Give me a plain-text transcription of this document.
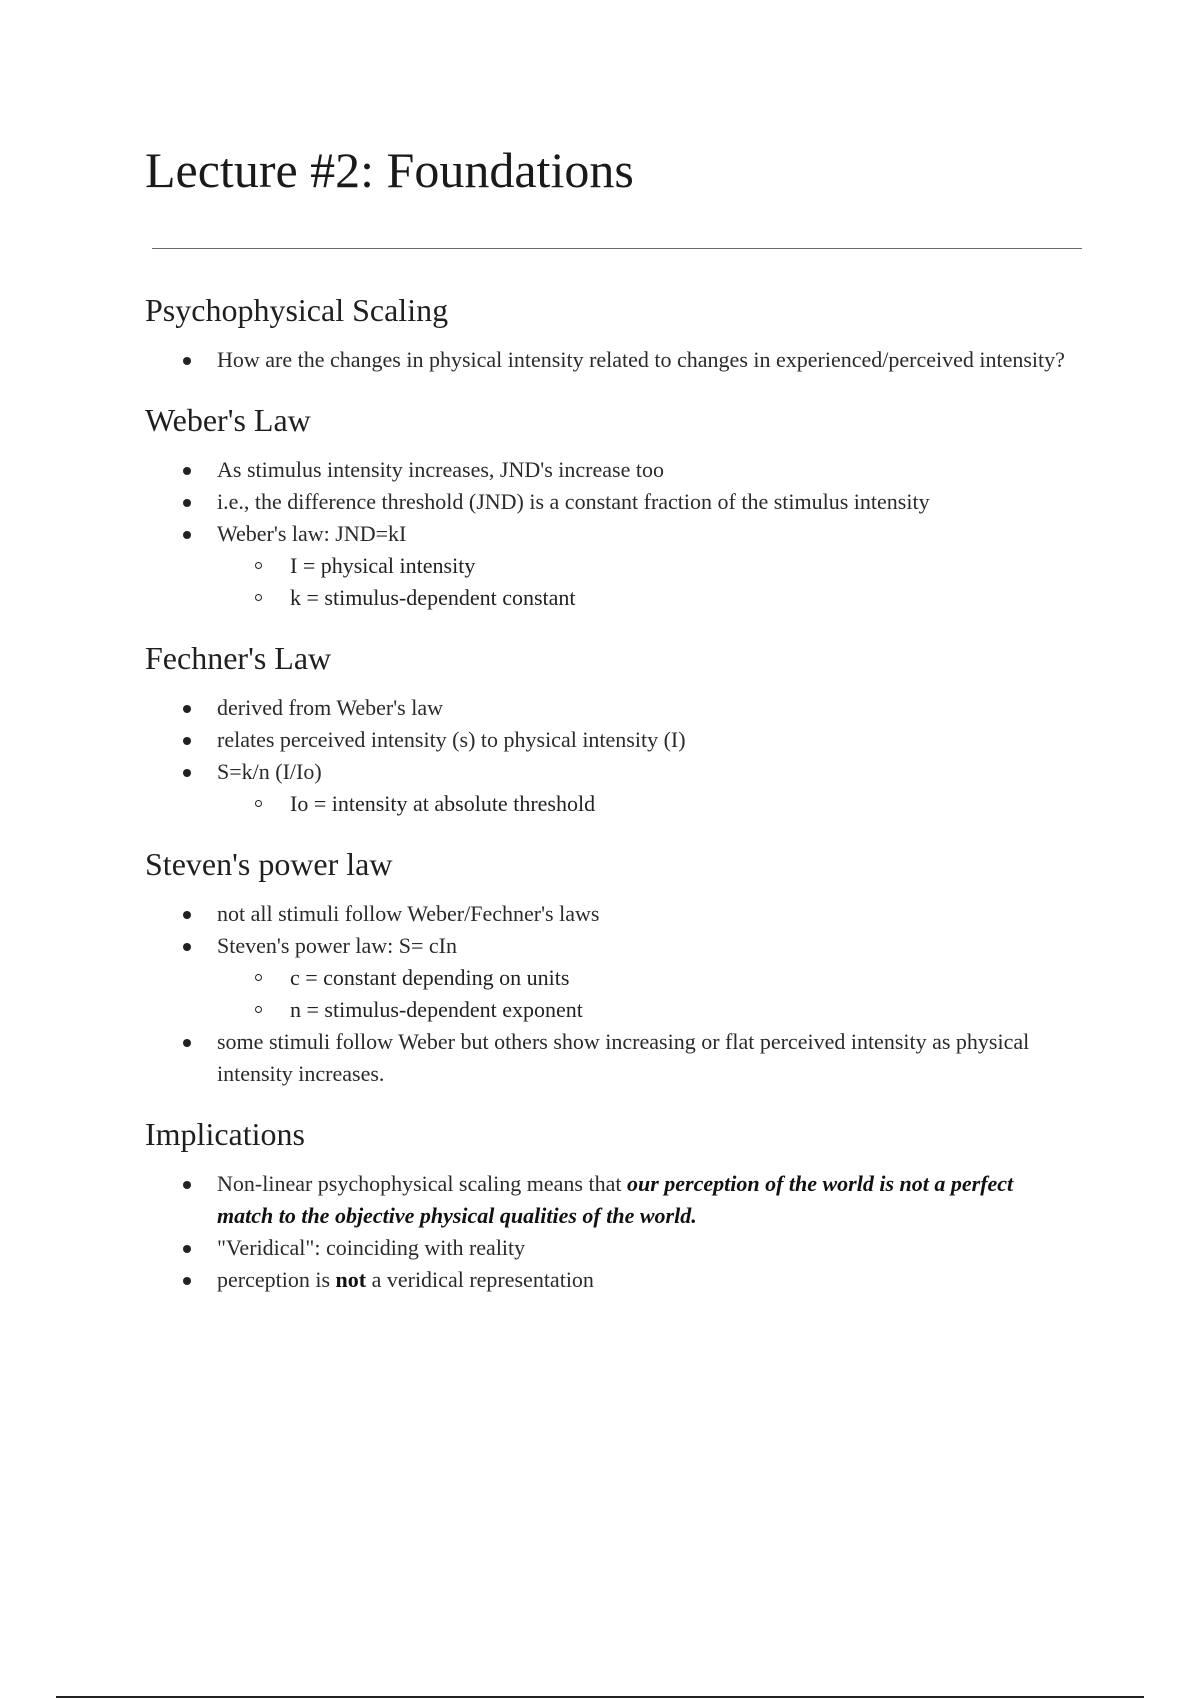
Lecture #2: Foundations
Psychophysical Scaling
How are the changes in physical intensity related to changes in experienced/perceived intensity?
Weber's Law
As stimulus intensity increases, JND's increase too
i.e., the difference threshold (JND) is a constant fraction of the stimulus intensity
Weber's law: JND=kI
I = physical intensity
k = stimulus-dependent constant
Fechner's Law
derived from Weber's law
relates perceived intensity (s) to physical intensity (I)
S=k/n (I/Io)
Io = intensity at absolute threshold
Steven's power law
not all stimuli follow Weber/Fechner's laws
Steven's power law: S= cIn
c = constant depending on units
n = stimulus-dependent exponent
some stimuli follow Weber but others show increasing or flat perceived intensity as physical intensity increases.
Implications
Non-linear psychophysical scaling means that our perception of the world is not a perfect match to the objective physical qualities of the world.
"Veridical": coinciding with reality
perception is not a veridical representation
